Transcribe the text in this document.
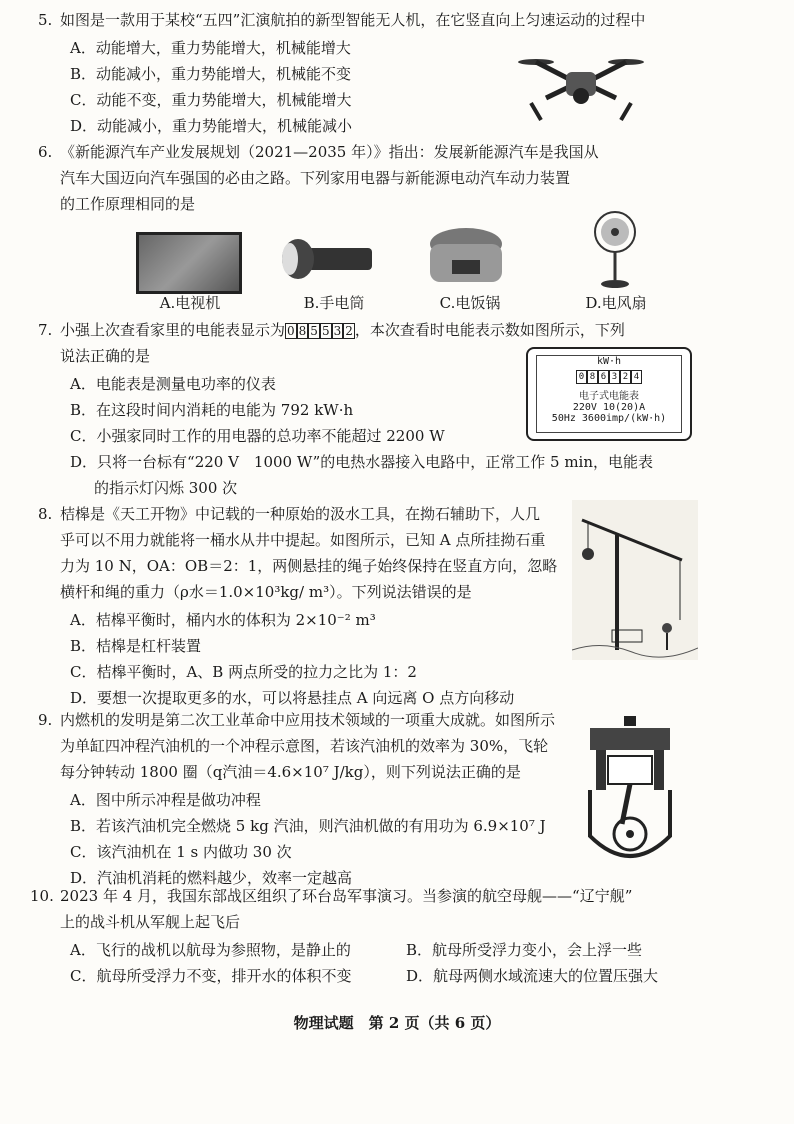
5. 如图是一款用于某校“五四”汇演航拍的新型智能无人机，在它竖直向上匀速运动的过程中
A．动能增大，重力势能增大，机械能增大
B．动能减小，重力势能增大，机械能不变
C．动能不变，重力势能增大，机械能增大
D．动能减小，重力势能增大，机械能减小
6. 《新能源汽车产业发展规划（2021—2035 年）》指出：发展新能源汽车是我国从
汽车大国迈向汽车强国的必由之路。下列家用电器与新能源电动汽车动力装置
的工作原理相同的是
A.电视机	B.手电筒	C.电饭锅	D.电风扇
7. 小强上次查看家里的电能表显示为 0 8 5 5 3 2 ，本次查看时电能表示数如图所示，下列
说法正确的是
A．电能表是测量电功率的仪表
B．在这段时间内消耗的电能为 792 kW·h
C．小强家同时工作的用电器的总功率不能超过 2200 W
D．只将一台标有“220 V　1000 W”的电热水器接入电路中，正常工作 5 min，电能表
的指示灯闪烁 300 次
kW·h
0 8 6 3 2 4
电子式电能表
220V 10(20)A
50Hz 3600imp/(kW·h)
8. 桔槔是《天工开物》中记载的一种原始的汲水工具，在拗石辅助下，人几
乎可以不用力就能将一桶水从井中提起。如图所示，已知 A 点所挂拗石重
力为 10 N，OA：OB＝2：1，两侧悬挂的绳子始终保持在竖直方向，忽略
横杆和绳的重力（ρ水＝1.0×10³kg/ m³）。下列说法错误的是
A．桔槔平衡时，桶内水的体积为 2×10⁻² m³
B．桔槔是杠杆装置
C．桔槔平衡时，A、B 两点所受的拉力之比为 1：2
D．要想一次提取更多的水，可以将悬挂点 A 向远离 O 点方向移动
9. 内燃机的发明是第二次工业革命中应用技术领域的一项重大成就。如图所示
为单缸四冲程汽油机的一个冲程示意图，若该汽油机的效率为 30%，飞轮
每分钟转动 1800 圈（q汽油＝4.6×10⁷ J/kg），则下列说法正确的是
A．图中所示冲程是做功冲程
B．若该汽油机完全燃烧 5 kg 汽油，则汽油机做的有用功为 6.9×10⁷ J
C．该汽油机在 1 s 内做功 30 次
D．汽油机消耗的燃料越少，效率一定越高
10. 2023 年 4 月，我国东部战区组织了环台岛军事演习。当参演的航空母舰——“辽宁舰”
上的战斗机从军舰上起飞后
A．飞行的战机以航母为参照物，是静止的	B．航母所受浮力变小，会上浮一些
C．航母所受浮力不变，排开水的体积不变	D．航母两侧水域流速大的位置压强大
物理试题　第 2 页（共 6 页）
